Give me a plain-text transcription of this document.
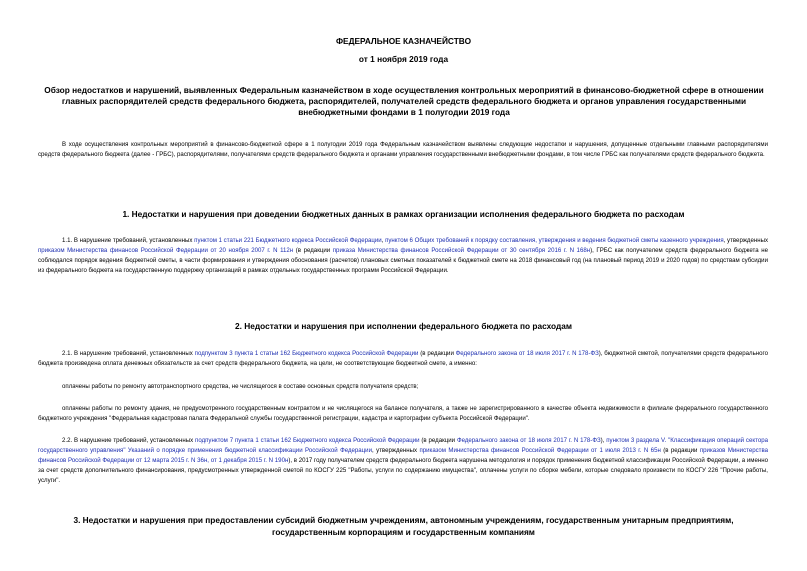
ФЕДЕРАЛЬНОЕ КАЗНАЧЕЙСТВО
от 1 ноября 2019 года
Обзор недостатков и нарушений, выявленных Федеральным казначейством в ходе осуществления контрольных мероприятий в финансово-бюджетной сфере в отношении главных распорядителей средств федерального бюджета, распорядителей, получателей средств федерального бюджета и органов управления государственными внебюджетными фондами в 1 полугодии 2019 года
В ходе осуществления контрольных мероприятий в финансово-бюджетной сфере в 1 полугодии 2019 года Федеральным казначейством выявлены следующие недостатки и нарушения, допущенные отдельными главными распорядителями средств федерального бюджета (далее - ГРБС), распорядителями, получателями средств федерального бюджета и органами управления государственными внебюджетными фондами, в том числе ГРБС как получателями средств федерального бюджета.
1. Недостатки и нарушения при доведении бюджетных данных в рамках организации исполнения федерального бюджета по расходам
1.1. В нарушение требований, установленных пунктом 1 статьи 221 Бюджетного кодекса Российской Федерации, пунктом 6 Общих требований к порядку составления, утверждения и ведения бюджетной сметы казенного учреждения, утвержденных приказом Министерства финансов Российской Федерации от 20 ноября 2007 г. N 112н (в редакции приказа Министерства финансов Российской Федерации от 30 сентября 2016 г. N 168н), ГРБС как получателем средств федерального бюджета не соблюдался порядок ведения бюджетной сметы, в части формирования и утверждения обоснования (расчетов) плановых сметных показателей к бюджетной смете на 2018 финансовый год (на плановый период 2019 и 2020 годов) по средствам субсидии из федерального бюджета на государственную поддержку организаций в рамках отдельных государственных программ Российской Федерации.
2. Недостатки и нарушения при исполнении федерального бюджета по расходам
2.1. В нарушение требований, установленных подпунктом 3 пункта 1 статьи 162 Бюджетного кодекса Российской Федерации (в редакции Федерального закона от 18 июля 2017 г. N 178-ФЗ), бюджетной сметой, получателями средств федерального бюджета произведена оплата денежных обязательств за счет средств федерального бюджета, на цели, не соответствующие бюджетной смете, а именно:
оплачены работы по ремонту автотранспортного средства, не числящегося в составе основных средств получателя средств;
оплачены работы по ремонту здания, не предусмотренного государственным контрактом и не числящегося на балансе получателя, а также не зарегистрированного в качестве объекта недвижимости в филиале федерального государственного бюджетного учреждения "Федеральная кадастровая палата Федеральной службы государственной регистрации, кадастра и картографии субъекта Российской Федерации".
2.2. В нарушение требований, установленных подпунктом 7 пункта 1 статьи 162 Бюджетного кодекса Российской Федерации (в редакции Федерального закона от 18 июля 2017 г. N 178-ФЗ), пунктом 3 раздела V. "Классификация операций сектора государственного управления" Указаний о порядке применения бюджетной классификации Российской Федерации, утвержденных приказом Министерства финансов Российской Федерации от 1 июля 2013 г. N 65н (в редакции приказов Министерства финансов Российской Федерации от 12 марта 2015 г. N 36н, от 1 декабря 2015 г. N 190н), в 2017 году получателем средств федерального бюджета нарушена методология и порядок применения бюджетной классификации Российской Федерации, а именно за счет средств дополнительного финансирования, предусмотренных утвержденной сметой по КОСГУ 225 "Работы, услуги по содержанию имущества", оплачены услуги по сборке мебели, которые следовало произвести по КОСГУ 226 "Прочие работы, услуги".
3. Недостатки и нарушения при предоставлении субсидий бюджетным учреждениям, автономным учреждениям, государственным унитарным предприятиям, государственным корпорациям и государственным компаниям
